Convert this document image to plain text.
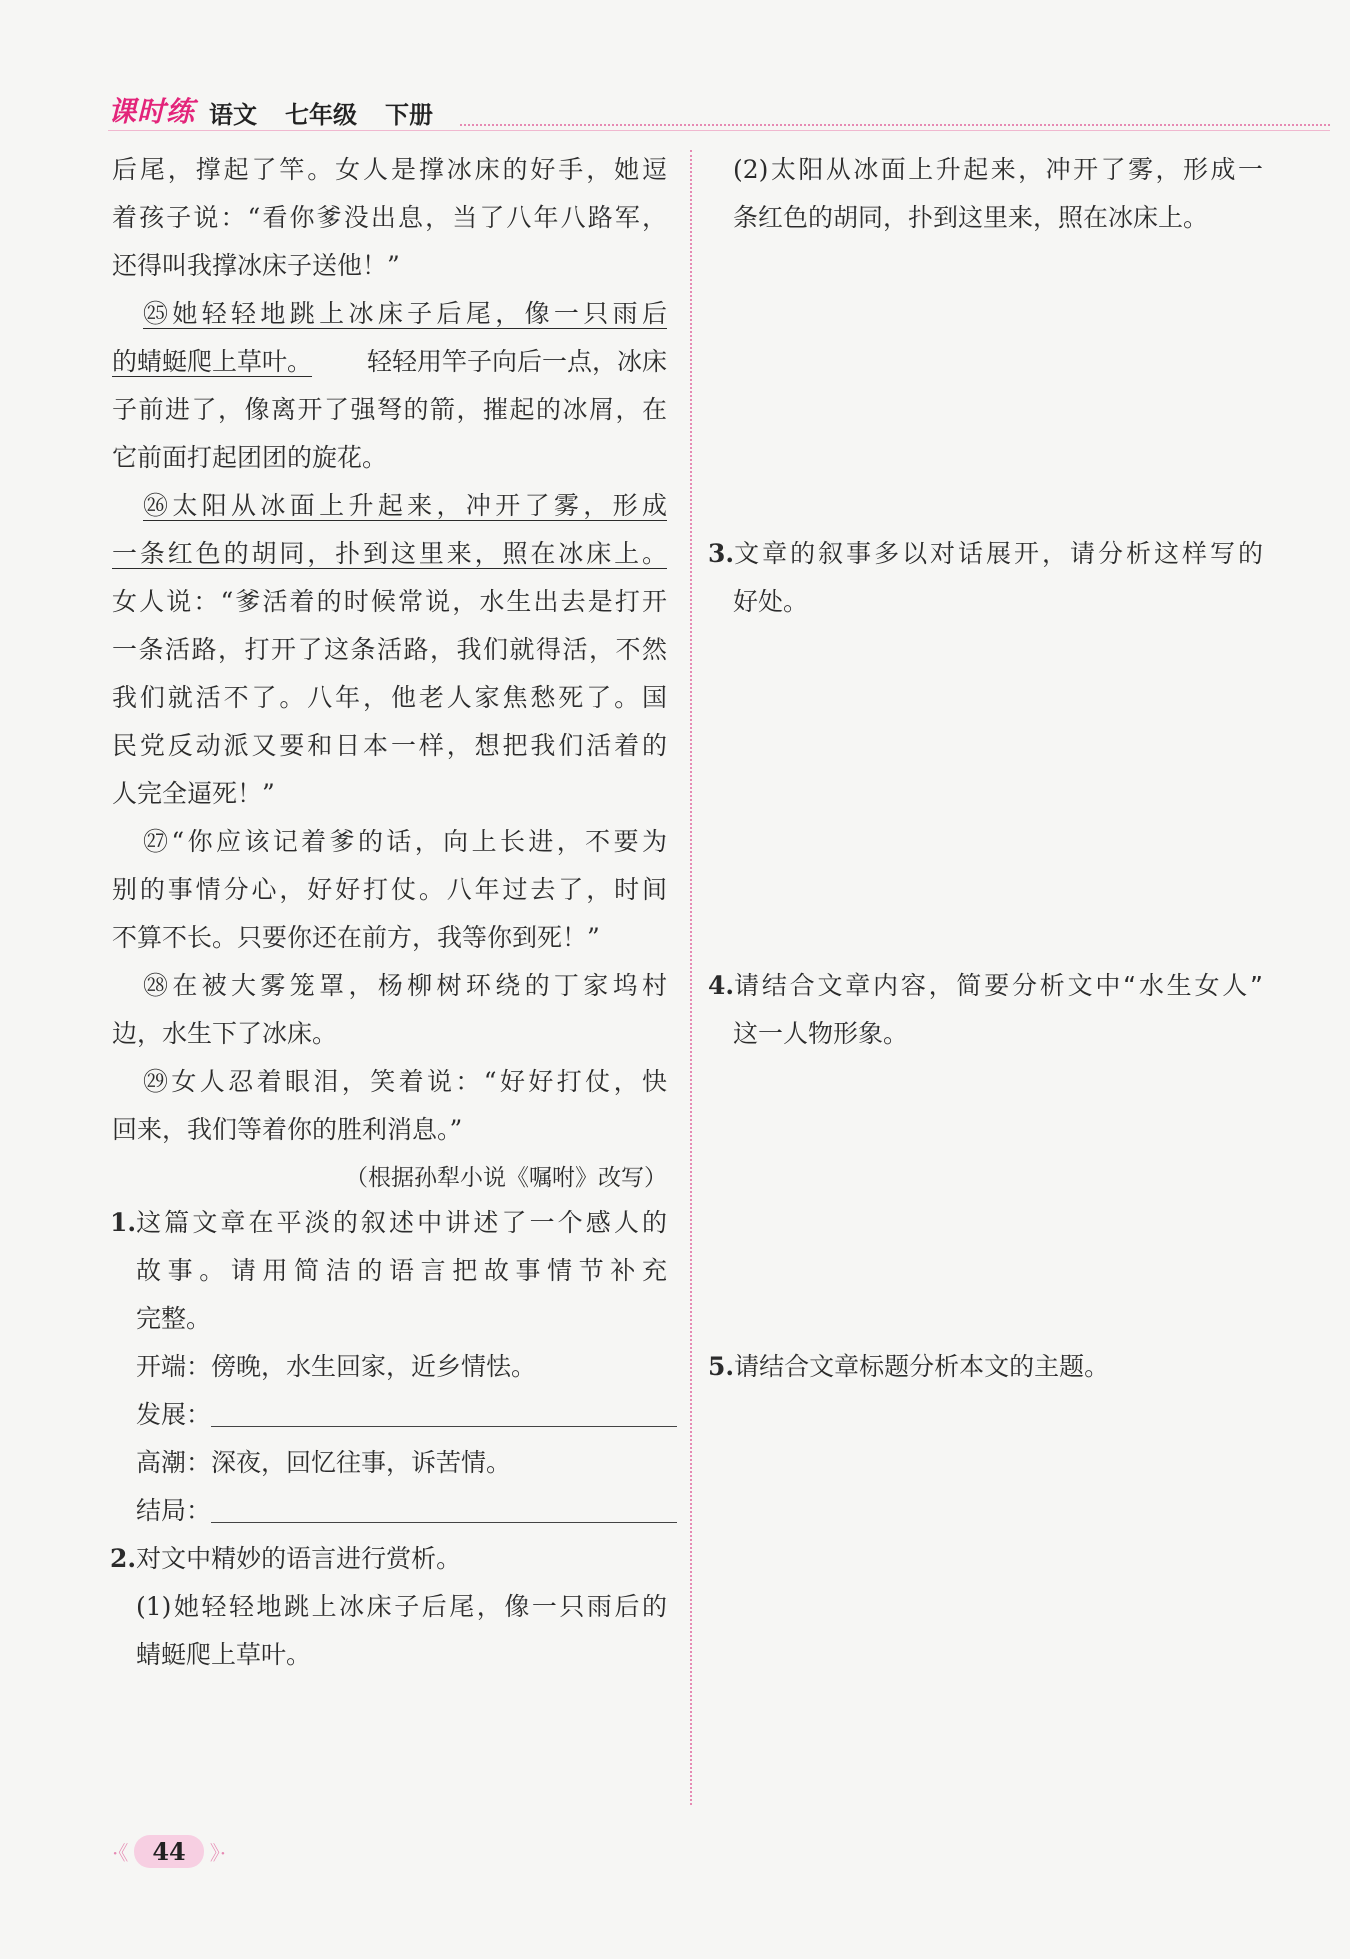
课时练 语文 七年级 下册
后尾，撑起了竿。女人是撑冰床的好手，她逗
着孩子说：“看你爹没出息，当了八年八路军，
还得叫我撑冰床子送他！”
㉕她轻轻地跳上冰床子后尾，像一只雨后
的蜻蜓爬上草叶。 轻轻用竿子向后一点，冰床
子前进了，像离开了强弩的箭，摧起的冰屑，在
它前面打起团团的旋花。
㉖太阳从冰面上升起来，冲开了雾，形成
一条红色的胡同，扑到这里来，照在冰床上。
女人说：“爹活着的时候常说，水生出去是打开
一条活路，打开了这条活路，我们就得活，不然
我们就活不了。八年，他老人家焦愁死了。国
民党反动派又要和日本一样，想把我们活着的
人完全逼死！”
㉗“你应该记着爹的话，向上长进，不要为
别的事情分心，好好打仗。八年过去了，时间
不算不长。只要你还在前方，我等你到死！”
㉘在被大雾笼罩，杨柳树环绕的丁家坞村
边，水生下了冰床。
㉙女人忍着眼泪，笑着说：“好好打仗，快
回来，我们等着你的胜利消息。”
（根据孙犁小说《嘱咐》改写）
1. 这篇文章在平淡的叙述中讲述了一个感人的
故事。请用简洁的语言把故事情节补充
完整。
开端：傍晚，水生回家，近乡情怯。
发展：
高潮：深夜，回忆往事，诉苦情。
结局：
2. 对文中精妙的语言进行赏析。
(1)她轻轻地跳上冰床子后尾，像一只雨后的
蜻蜓爬上草叶。
(2)太阳从冰面上升起来，冲开了雾，形成一
条红色的胡同，扑到这里来，照在冰床上。
3. 文章的叙事多以对话展开，请分析这样写的
好处。
4. 请结合文章内容，简要分析文中“水生女人”
这一人物形象。
5. 请结合文章标题分析本文的主题。
·《	44	》·
